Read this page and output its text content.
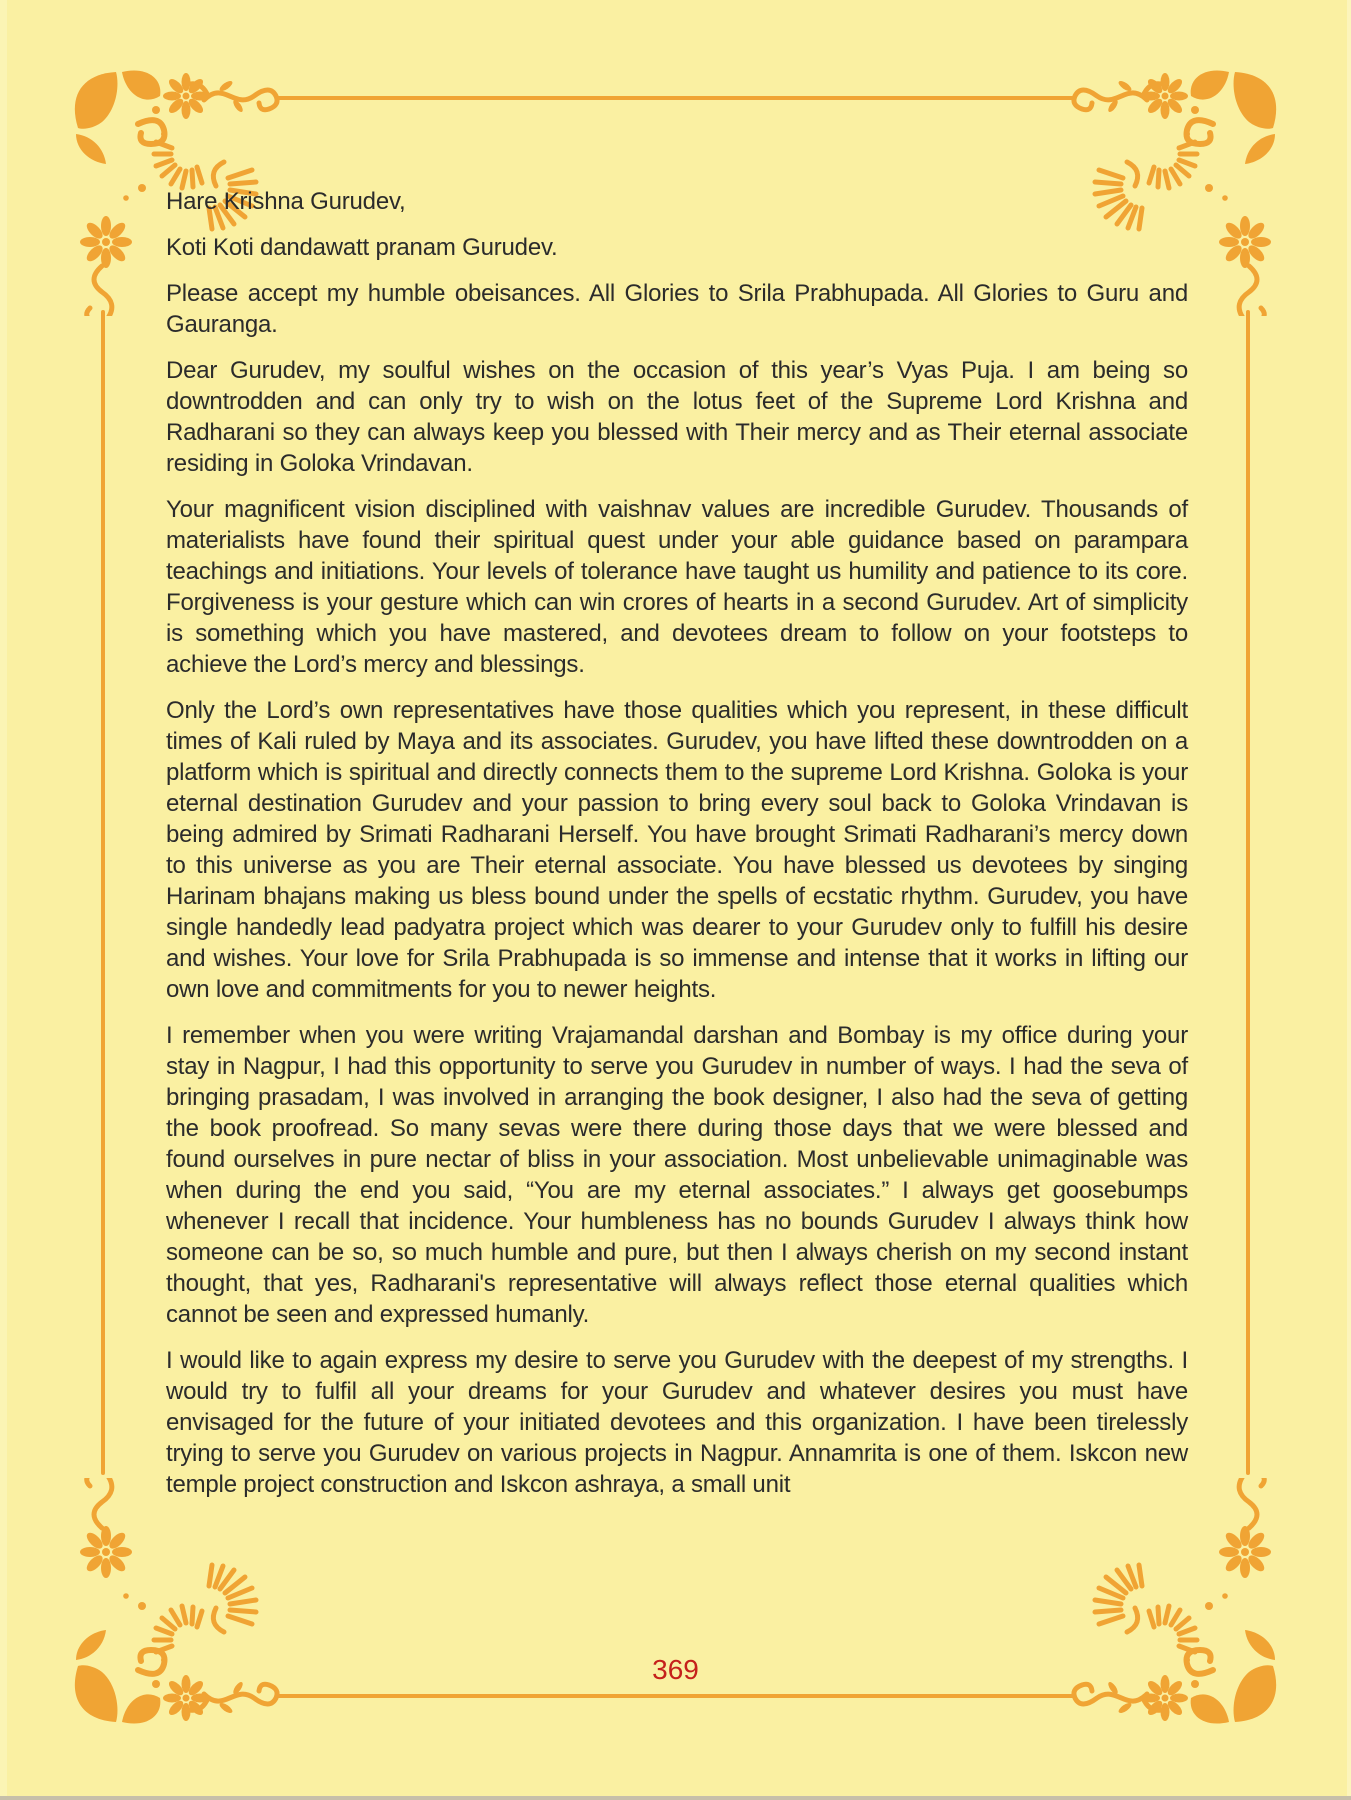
Hare Krishna Gurudev,

Koti Koti dandawatt pranam Gurudev.

Please accept my humble obeisances. All Glories to Srila Prabhupada. All Glories to Guru and Gauranga.

Dear Gurudev, my soulful wishes on the occasion of this year’s Vyas Puja. I am being so downtrodden and can only try to wish on the lotus feet of the Supreme Lord Krishna and Radharani so they can always keep you blessed with Their mercy and as Their eternal associate residing in Goloka Vrindavan.

Your magnificent vision disciplined with vaishnav values are incredible Gurudev. Thousands of materialists have found their spiritual quest under your able guidance based on parampara teachings and initiations. Your levels of tolerance have taught us humility and patience to its core. Forgiveness is your gesture which can win crores of hearts in a second Gurudev. Art of simplicity is something which you have mastered, and devotees dream to follow on your footsteps to achieve the Lord’s mercy and blessings.

Only the Lord’s own representatives have those qualities which you represent, in these difficult times of Kali ruled by Maya and its associates. Gurudev, you have lifted these downtrodden on a platform which is spiritual and directly connects them to the supreme Lord Krishna. Goloka is your eternal destination Gurudev and your passion to bring every soul back to Goloka Vrindavan is being admired by Srimati Radharani Herself. You have brought Srimati Radharani’s mercy down to this universe as you are Their eternal associate. You have blessed us devotees by singing Harinam bhajans making us bless bound under the spells of ecstatic rhythm. Gurudev, you have single handedly lead padyatra project which was dearer to your Gurudev only to fulfill his desire and wishes. Your love for Srila Prabhupada is so immense and intense that it works in lifting our own love and commitments for you to newer heights.

I remember when you were writing Vrajamandal darshan and Bombay is my office during your stay in Nagpur, I had this opportunity to serve you Gurudev in number of ways. I had the seva of bringing prasadam, I was involved in arranging the book designer, I also had the seva of getting the book proofread. So many sevas were there during those days that we were blessed and found ourselves in pure nectar of bliss in your association. Most unbelievable unimaginable was when during the end you said, “You are my eternal associates.” I always get goosebumps whenever I recall that incidence. Your humbleness has no bounds Gurudev I always think how someone can be so, so much humble and pure, but then I always cherish on my second instant thought, that yes, Radharani's representative will always reflect those eternal qualities which cannot be seen and expressed humanly.

I would like to again express my desire to serve you Gurudev with the deepest of my strengths. I would try to fulfil all your dreams for your Gurudev and whatever desires you must have envisaged for the future of your initiated devotees and this organization. I have been tirelessly trying to serve you Gurudev on various projects in Nagpur. Annamrita is one of them. Iskcon new temple project construction and Iskcon ashraya, a small unit

369
